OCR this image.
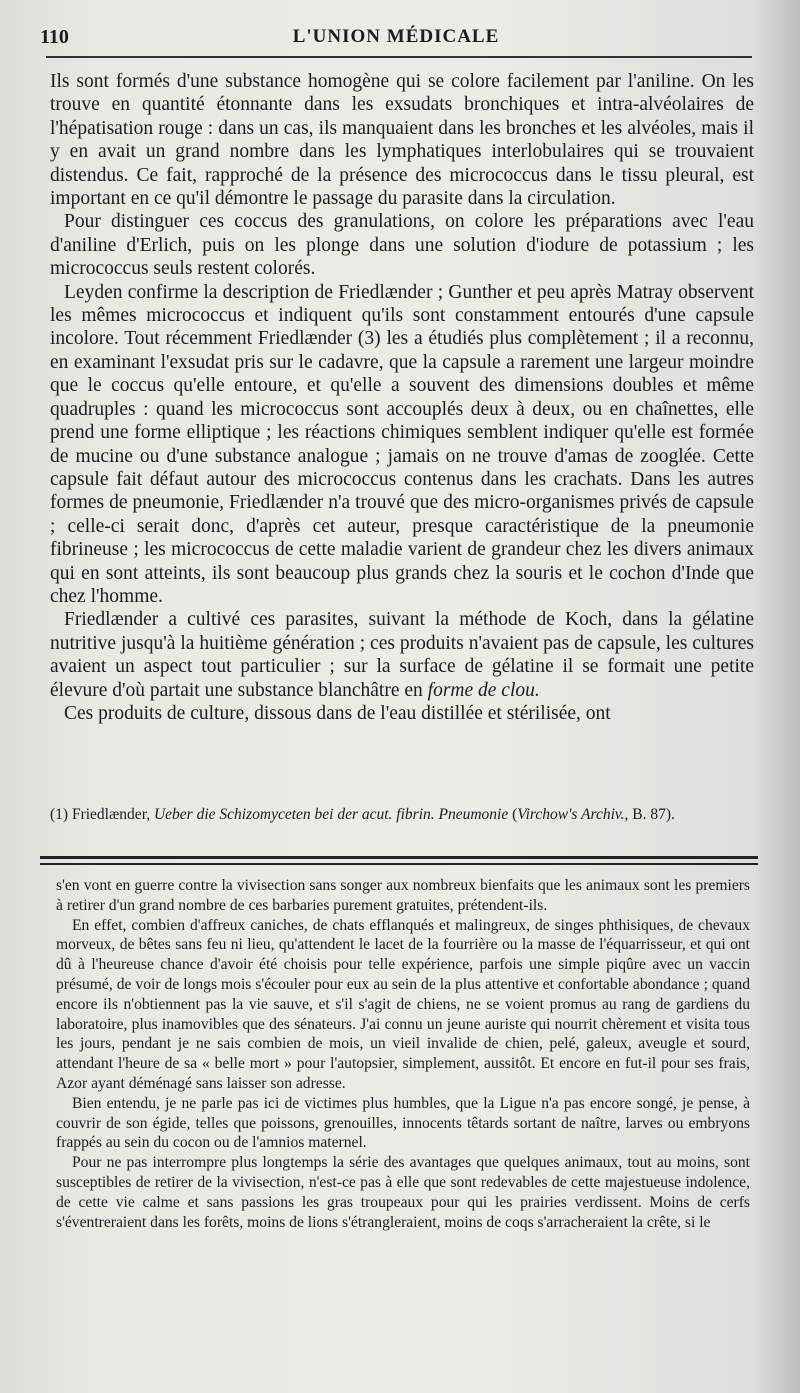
110	L'UNION MÉDICALE

Ils sont formés d'une substance homogène qui se colore facilement par l'aniline. On les trouve en quantité étonnante dans les exsudats bronchiques et intra-alvéolaires de l'hépatisation rouge : dans un cas, ils manquaient dans les bronches et les alvéoles, mais il y en avait un grand nombre dans les lymphatiques interlobulaires qui se trouvaient distendus. Ce fait, rapproché de la présence des micrococcus dans le tissu pleural, est important en ce qu'il démontre le passage du parasite dans la circulation.

Pour distinguer ces coccus des granulations, on colore les préparations avec l'eau d'aniline d'Erlich, puis on les plonge dans une solution d'iodure de potassium ; les micrococcus seuls restent colorés.

Leyden confirme la description de Friedlænder ; Gunther et peu après Matray observent les mêmes micrococcus et indiquent qu'ils sont constamment entourés d'une capsule incolore. Tout récemment Friedlænder (3) les a étudiés plus complètement ; il a reconnu, en examinant l'exsudat pris sur le cadavre, que la capsule a rarement une largeur moindre que le coccus qu'elle entoure, et qu'elle a souvent des dimensions doubles et même quadruples : quand les micrococcus sont accouplés deux à deux, ou en chaînettes, elle prend une forme elliptique ; les réactions chimiques semblent indiquer qu'elle est formée de mucine ou d'une substance analogue ; jamais on ne trouve d'amas de zooglée. Cette capsule fait défaut autour des micrococcus contenus dans les crachats. Dans les autres formes de pneumonie, Friedlænder n'a trouvé que des micro-organismes privés de capsule ; celle-ci serait donc, d'après cet auteur, presque caractéristique de la pneumonie fibrineuse ; les micrococcus de cette maladie varient de grandeur chez les divers animaux qui en sont atteints, ils sont beaucoup plus grands chez la souris et le cochon d'Inde que chez l'homme.

Friedlænder a cultivé ces parasites, suivant la méthode de Koch, dans la gélatine nutritive jusqu'à la huitième génération ; ces produits n'avaient pas de capsule, les cultures avaient un aspect tout particulier ; sur la surface de gélatine il se formait une petite élevure d'où partait une substance blanchâtre en forme de clou.

Ces produits de culture, dissous dans de l'eau distillée et stérilisée, ont

(1) Friedlænder, Ueber die Schizomyceten bei der acut. fibrin. Pneumonie (Virchow's Archiv., B. 87).

s'en vont en guerre contre la vivisection sans songer aux nombreux bienfaits que les animaux sont les premiers à retirer d'un grand nombre de ces barbaries purement gratuites, prétendent-ils.

En effet, combien d'affreux caniches, de chats efflanqués et malingreux, de singes phthisiques, de chevaux morveux, de bêtes sans feu ni lieu, qu'attendent le lacet de la fourrière ou la masse de l'équarrisseur, et qui ont dû à l'heureuse chance d'avoir été choisis pour telle expérience, parfois une simple piqûre avec un vaccin présumé, de voir de longs mois s'écouler pour eux au sein de la plus attentive et confortable abondance ; quand encore ils n'obtiennent pas la vie sauve, et s'il s'agit de chiens, ne se voient promus au rang de gardiens du laboratoire, plus inamovibles que des sénateurs. J'ai connu un jeune auriste qui nourrit chèrement et visita tous les jours, pendant je ne sais combien de mois, un vieil invalide de chien, pelé, galeux, aveugle et sourd, attendant l'heure de sa « belle mort » pour l'autopsier, simplement, aussitôt. Et encore en fut-il pour ses frais, Azor ayant déménagé sans laisser son adresse.

Bien entendu, je ne parle pas ici de victimes plus humbles, que la Ligue n'a pas encore songé, je pense, à couvrir de son égide, telles que poissons, grenouilles, innocents têtards sortant de naître, larves ou embryons frappés au sein du cocon ou de l'amnios maternel.

Pour ne pas interrompre plus longtemps la série des avantages que quelques animaux, tout au moins, sont susceptibles de retirer de la vivisection, n'est-ce pas à elle que sont redevables de cette majestueuse indolence, de cette vie calme et sans passions les gras troupeaux pour qui les prairies verdissent. Moins de cerfs s'éventreraient dans les forêts, moins de lions s'étrangleraient, moins de coqs s'arracheraient la crête, si le
